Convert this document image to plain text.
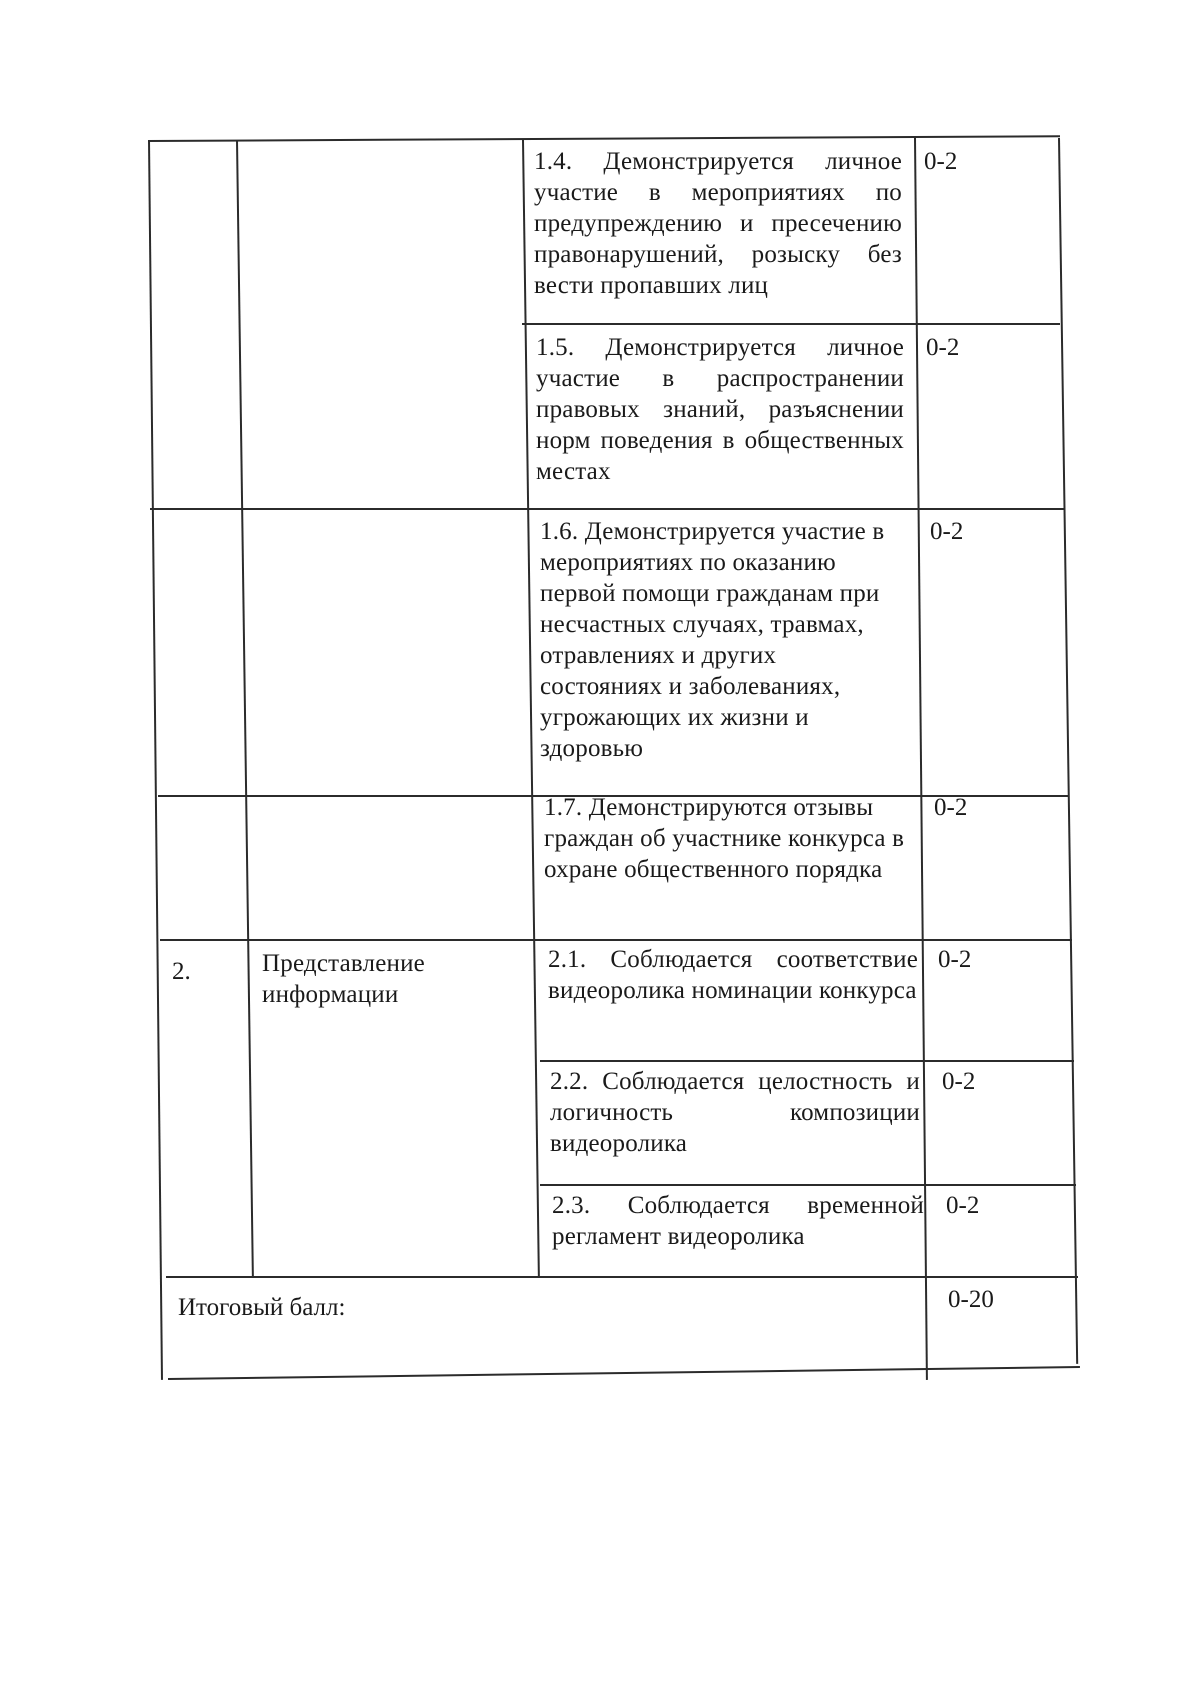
1.4. Демонстрируется личное участие в мероприятиях по предупреждению и пресечению правонарушений, розыску без вести пропавших лиц
0-2
1.5. Демонстрируется личное участие в распространении правовых знаний, разъяснении норм поведения в общественных местах
0-2
1.6. Демонстрируется участие в мероприятиях по оказанию первой помощи гражданам при несчастных случаях, травмах, отравлениях и других состояниях и заболеваниях, угрожающих их жизни и здоровью
0-2
1.7. Демонстрируются отзывы граждан об участнике конкурса в охране общественного порядка
0-2
2.	Представление информации
2.1. Соблюдается соответствие видеоролика номинации конкурса
0-2
2.2. Соблюдается целостность и логичность композиции видеоролика
0-2
2.3. Соблюдается временной регламент видеоролика
0-2
Итоговый балл:	0-20
